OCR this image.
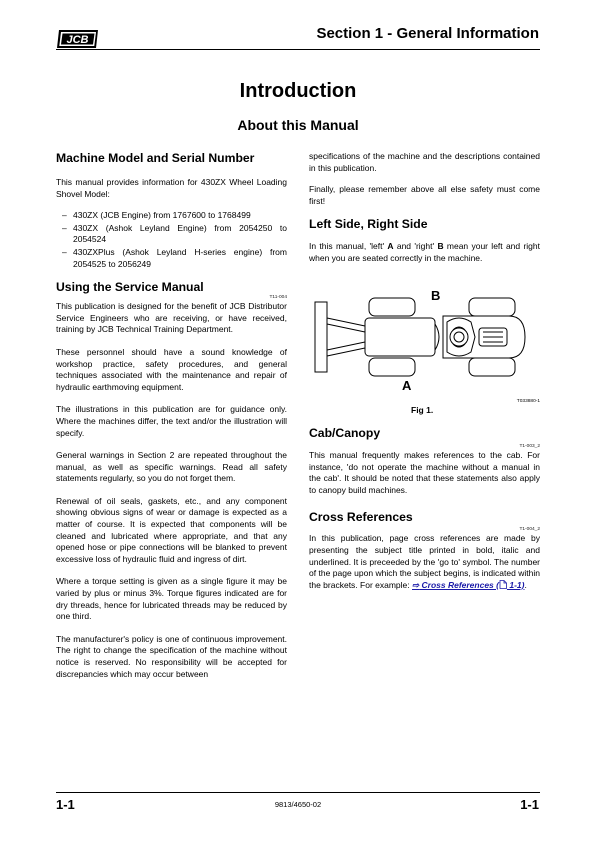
JCB	Section 1 - General Information
Introduction
About this Manual
Machine Model and Serial Number

This manual provides information for 430ZX Wheel Loading Shovel Model:

– 430ZX (JCB Engine) from 1767600 to 1768499
– 430ZX (Ashok Leyland Engine) from 2054250 to 2054524
– 430ZXPlus (Ashok Leyland H-series engine) from 2054525 to 2056249
Using the Service Manual
T11-004

This publication is designed for the benefit of JCB Distributor Service Engineers who are receiving, or have received, training by JCB Technical Training Department.

These personnel should have a sound knowledge of workshop practice, safety procedures, and general techniques associated with the maintenance and repair of hydraulic earthmoving equipment.

The illustrations in this publication are for guidance only. Where the machines differ, the text and/or the illustration will specify.

General warnings in Section 2 are repeated throughout the manual, as well as specific warnings. Read all safety statements regularly, so you do not forget them.

Renewal of oil seals, gaskets, etc., and any component showing obvious signs of wear or damage is expected as a matter of course. It is expected that components will be cleaned and lubricated where appropriate, and that any opened hose or pipe connections will be blanked to prevent excessive loss of hydraulic fluid and ingress of dirt.

Where a torque setting is given as a single figure it may be varied by plus or minus 3%. Torque figures indicated are for dry threads, hence for lubricated threads may be reduced by one third.

The manufacturer's policy is one of continuous improvement. The right to change the specification of the machine without notice is reserved. No responsibility will be accepted for discrepancies which may occur between

specifications of the machine and the descriptions contained in this publication.

Finally, please remember above all else safety must come first!

Left Side, Right Side

In this manual, 'left' A and 'right' B mean your left and right when you are seated correctly in the machine.

B
A
T033880-1
Fig 1.
Cab/Canopy
T1-003_2

This manual frequently makes references to the cab. For instance, 'do not operate the machine without a manual in the cab'. It should be noted that these statements also apply to canopy build machines.

Cross References
T1-004_2

In this publication, page cross references are made by presenting the subject title printed in bold, italic and underlined. It is preceeded by the 'go to' symbol. The number of the page upon which the subject begins, is indicated within the brackets. For example: ⇨ Cross References ( 1-1).

1-1	9813/4650-02	1-1
